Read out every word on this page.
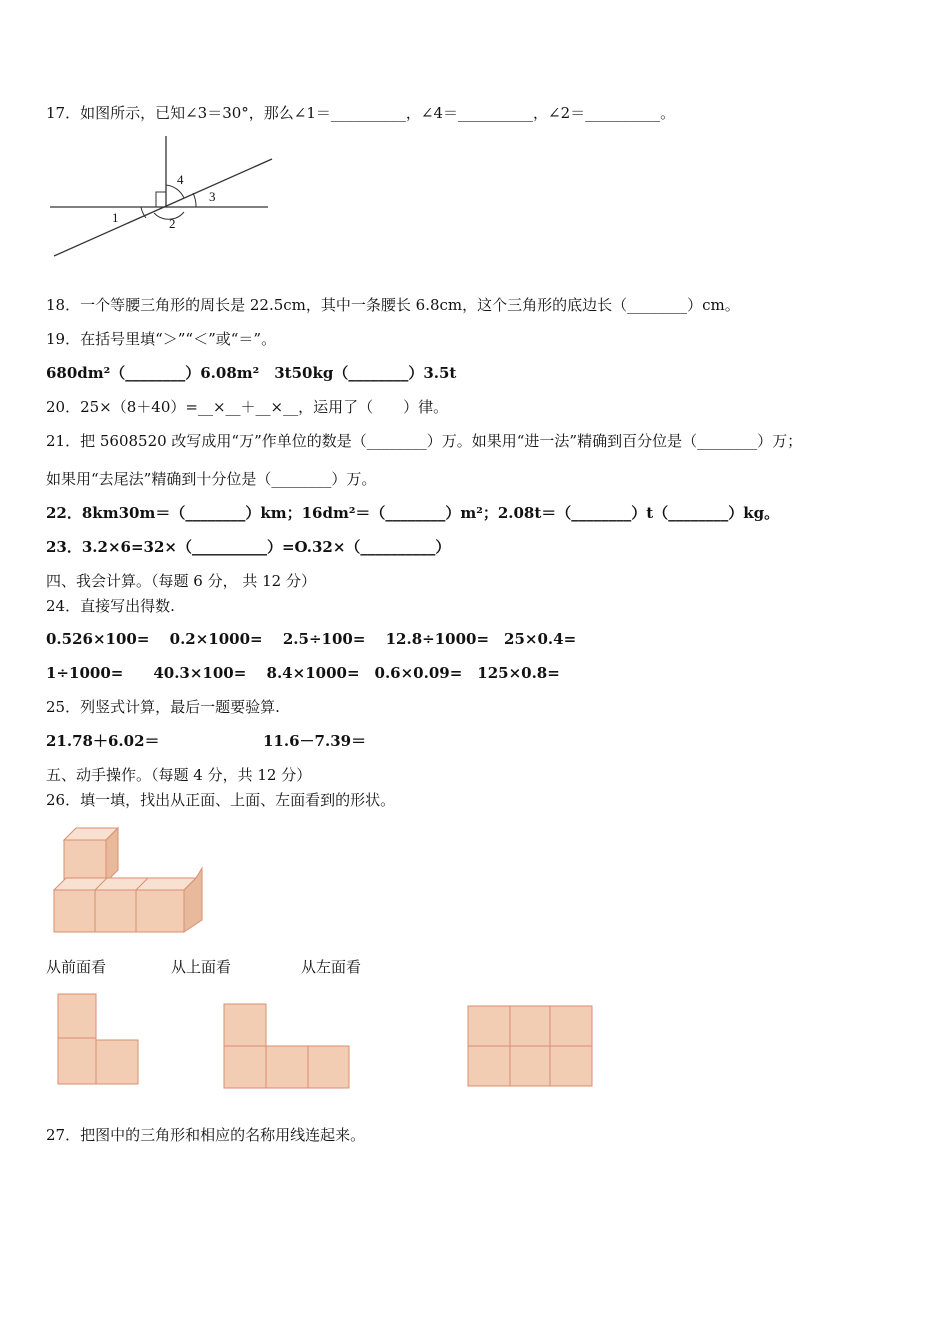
17．如图所示，已知∠3＝30°，那么∠1＝__________，∠4＝__________，∠2＝__________。
1	2
3
4
18．一个等腰三角形的周长是 22.5cm，其中一条腰长 6.8cm，这个三角形的底边长（________）cm。
19．在括号里填“＞”“＜”或“＝”。
680dm²（________）6.08m²　3t50kg（________）3.5t
20．25×（8＋40）=__×__＋__×__，运用了（　　）律。
21．把 5608520 改写成用“万”作单位的数是（________）万。如果用“进一法”精确到百分位是（________）万；
如果用“去尾法”精确到十分位是（________）万。
22．8km30m＝（________）km；16dm²＝（________）m²；2.08t＝（________）t（________）kg。
23．3.2×6=32×（__________）=O.32×（__________）
四、我会计算。（每题 6 分， 共 12 分）
24．直接写出得数.
0.526×100=　 0.2×1000=　 2.5÷100=　 12.8÷1000=　25×0.4=
1÷1000=　　40.3×100=　 8.4×1000=　0.6×0.09=　125×0.8=
25．列竖式计算，最后一题要验算.
21.78＋6.02＝	11.6－7.39＝
五、动手操作。（每题 4 分，共 12 分）
26．填一填，找出从正面、上面、左面看到的形状。
从前面看	从上面看	从左面看
27．把图中的三角形和相应的名称用线连起来。
